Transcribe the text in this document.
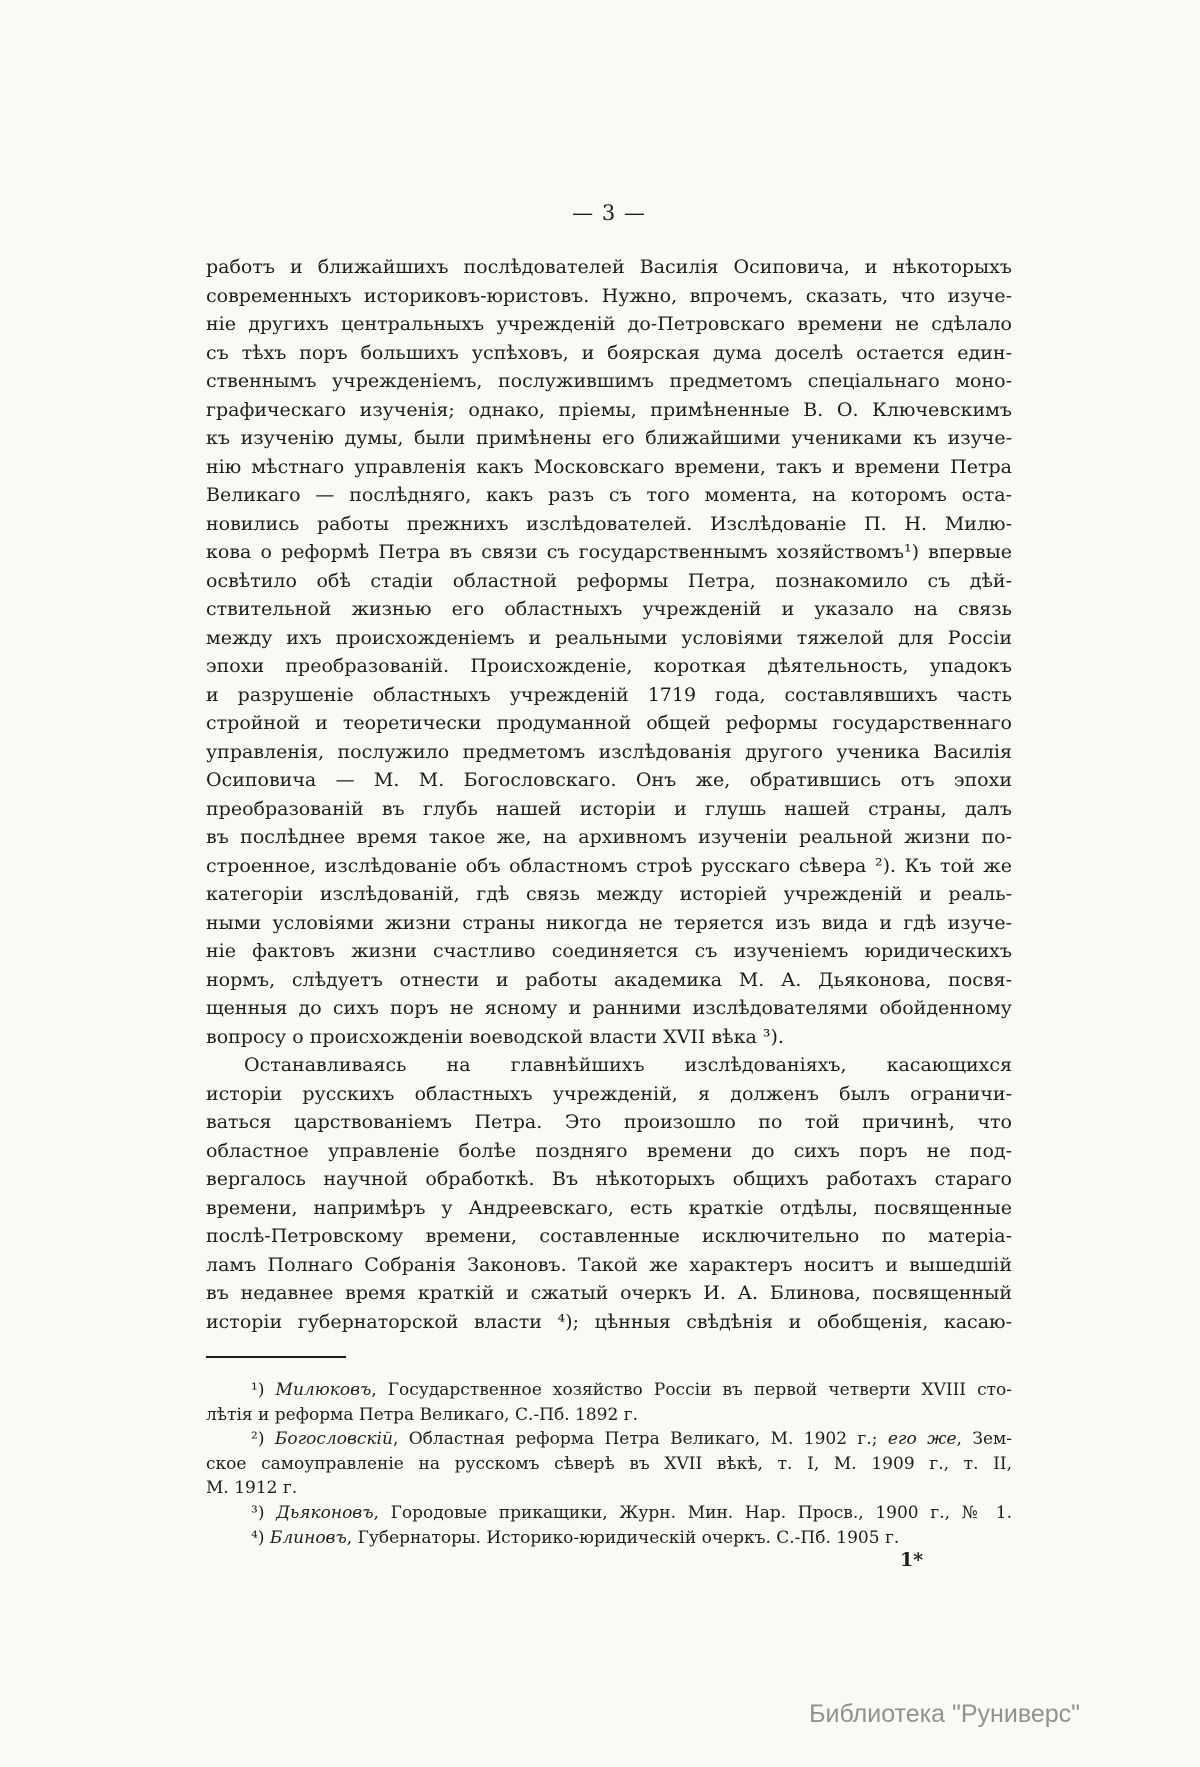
— 3 —
работъ и ближайшихъ послѣдователей Василія Осиповича, и нѣкоторыхъ
современныхъ историковъ-юристовъ. Нужно, впрочемъ, сказать, что изуче-
ніе другихъ центральныхъ учрежденій до-Петровскаго времени не сдѣлало
съ тѣхъ поръ большихъ успѣховъ, и боярская дума доселѣ остается един-
ственнымъ учрежденіемъ, послужившимъ предметомъ спеціальнаго моно-
графическаго изученія; однако, пріемы, примѣненные В. О. Ключевскимъ
къ изученію думы, были примѣнены его ближайшими учениками къ изуче-
нію мѣстнаго управленія какъ Московскаго времени, такъ и времени Петра
Великаго — послѣдняго, какъ разъ съ того момента, на которомъ оста-
новились работы прежнихъ изслѣдователей. Изслѣдованіе П. Н. Милю-
кова о реформѣ Петра въ связи съ государственнымъ хозяйствомъ¹) впервые
освѣтило обѣ стадіи областной реформы Петра, познакомило съ дѣй-
ствительной жизнью его областныхъ учрежденій и указало на связь
между ихъ происхожденіемъ и реальными условіями тяжелой для Россіи
эпохи преобразованій. Происхожденіе, короткая дѣятельность, упадокъ
и разрушеніе областныхъ учрежденій 1719 года, составлявшихъ часть
стройной и теоретически продуманной общей реформы государственнаго
управленія, послужило предметомъ изслѣдованія другого ученика Василія
Осиповича — М. М. Богословскаго. Онъ же, обратившись отъ эпохи
преобразованій въ глубь нашей исторіи и глушь нашей страны, далъ
въ послѣднее время такое же, на архивномъ изученіи реальной жизни по-
строенное, изслѣдованіе объ областномъ строѣ русскаго сѣвера ²). Къ той же
категоріи изслѣдованій, гдѣ связь между исторіей учрежденій и реаль-
ными условіями жизни страны никогда не теряется изъ вида и гдѣ изуче-
ніе фактовъ жизни счастливо соединяется съ изученіемъ юридическихъ
нормъ, слѣдуетъ отнести и работы академика М. А. Дьяконова, посвя-
щенныя до сихъ поръ не ясному и ранними изслѣдователями обойденному
вопросу о происхожденіи воеводской власти XVII вѣка ³).
Останавливаясь на главнѣйшихъ изслѣдованіяхъ, касающихся
исторіи русскихъ областныхъ учрежденій, я долженъ былъ ограничи-
ваться царствованіемъ Петра. Это произошло по той причинѣ, что
областное управленіе болѣе поздняго времени до сихъ поръ не под-
вергалось научной обработкѣ. Въ нѣкоторыхъ общихъ работахъ стараго
времени, напримѣръ у Андреевскаго, есть краткіе отдѣлы, посвященные
послѣ-Петровскому времени, составленные исключительно по матеріа-
ламъ Полнаго Собранія Законовъ. Такой же характеръ носитъ и вышедшій
въ недавнее время краткій и сжатый очеркъ И. А. Блинова, посвященный
исторіи губернаторской власти ⁴); цѣнныя свѣдѣнія и обобщенія, касаю-
¹) Милюковъ, Государственное хозяйство Россіи въ первой четверти XVIII сто-
лѣтія и реформа Петра Великаго, С.-Пб. 1892 г.
²) Богословскій, Областная реформа Петра Великаго, М. 1902 г.; его же, Зем-
ское самоуправленіе на русскомъ сѣверѣ въ XVII вѣкѣ, т. I, М. 1909 г., т. II,
М. 1912 г.
³) Дьяконовъ, Городовые прикащики, Журн. Мин. Нар. Просв., 1900 г., № 1.
⁴) Блиновъ, Губернаторы. Историко-юридическій очеркъ. С.-Пб. 1905 г.
1*
Библиотека "Руниверс"
